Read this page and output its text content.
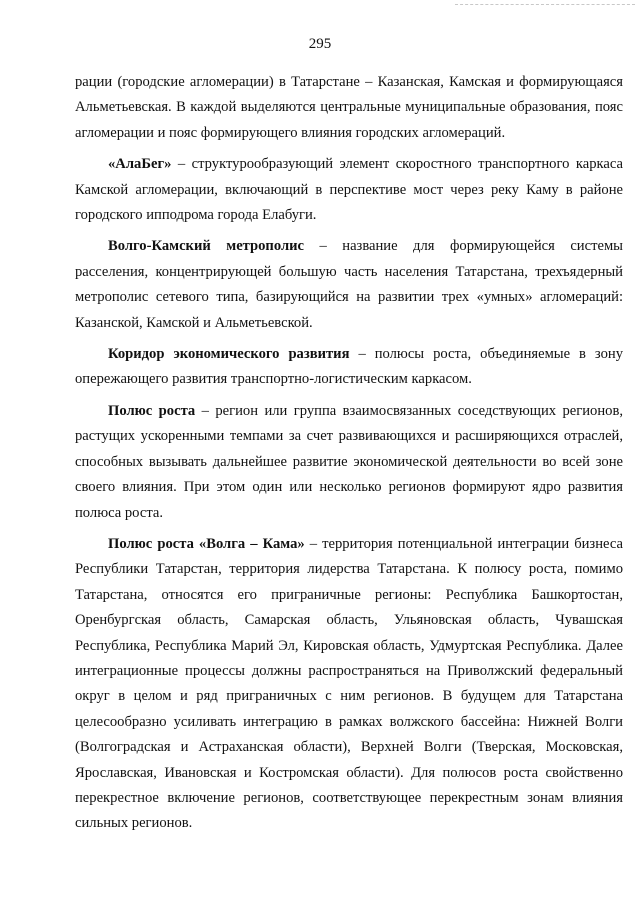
295

рации (городские агломерации) в Татарстане – Казанская, Камская и формирующаяся Альметьевская. В каждой выделяются центральные муниципальные образования, пояс агломерации и пояс формирующего влияния городских агломераций.

«АлаБег» – структурообразующий элемент скоростного транспортного каркаса Камской агломерации, включающий в перспективе мост через реку Каму в районе городского ипподрома города Елабуги.

Волго-Камский метрополис – название для формирующейся системы расселения, концентрирующей большую часть населения Татарстана, трехъядерный метрополис сетевого типа, базирующийся на развитии трех «умных» агломераций: Казанской, Камской и Альметьевской.

Коридор экономического развития – полюсы роста, объединяемые в зону опережающего развития транспортно-логистическим каркасом.

Полюс роста – регион или группа взаимосвязанных соседствующих регионов, растущих ускоренными темпами за счет развивающихся и расширяющихся отраслей, способных вызывать дальнейшее развитие экономической деятельности во всей зоне своего влияния. При этом один или несколько регионов формируют ядро развития полюса роста.

Полюс роста «Волга – Кама» – территория потенциальной интеграции бизнеса Республики Татарстан, территория лидерства Татарстана. К полюсу роста, помимо Татарстана, относятся его приграничные регионы: Республика Башкортостан, Оренбургская область, Самарская область, Ульяновская область, Чувашская Республика, Республика Марий Эл, Кировская область, Удмуртская Республика. Далее интеграционные процессы должны распространяться на Приволжский федеральный округ в целом и ряд приграничных с ним регионов. В будущем для Татарстана целесообразно усиливать интеграцию в рамках волжского бассейна: Нижней Волги (Волгоградская и Астраханская области), Верхней Волги (Тверская, Московская, Ярославская, Ивановская и Костромская области). Для полюсов роста свойственно перекрестное включение регионов, соответствующее перекрестным зонам влияния сильных регионов.
